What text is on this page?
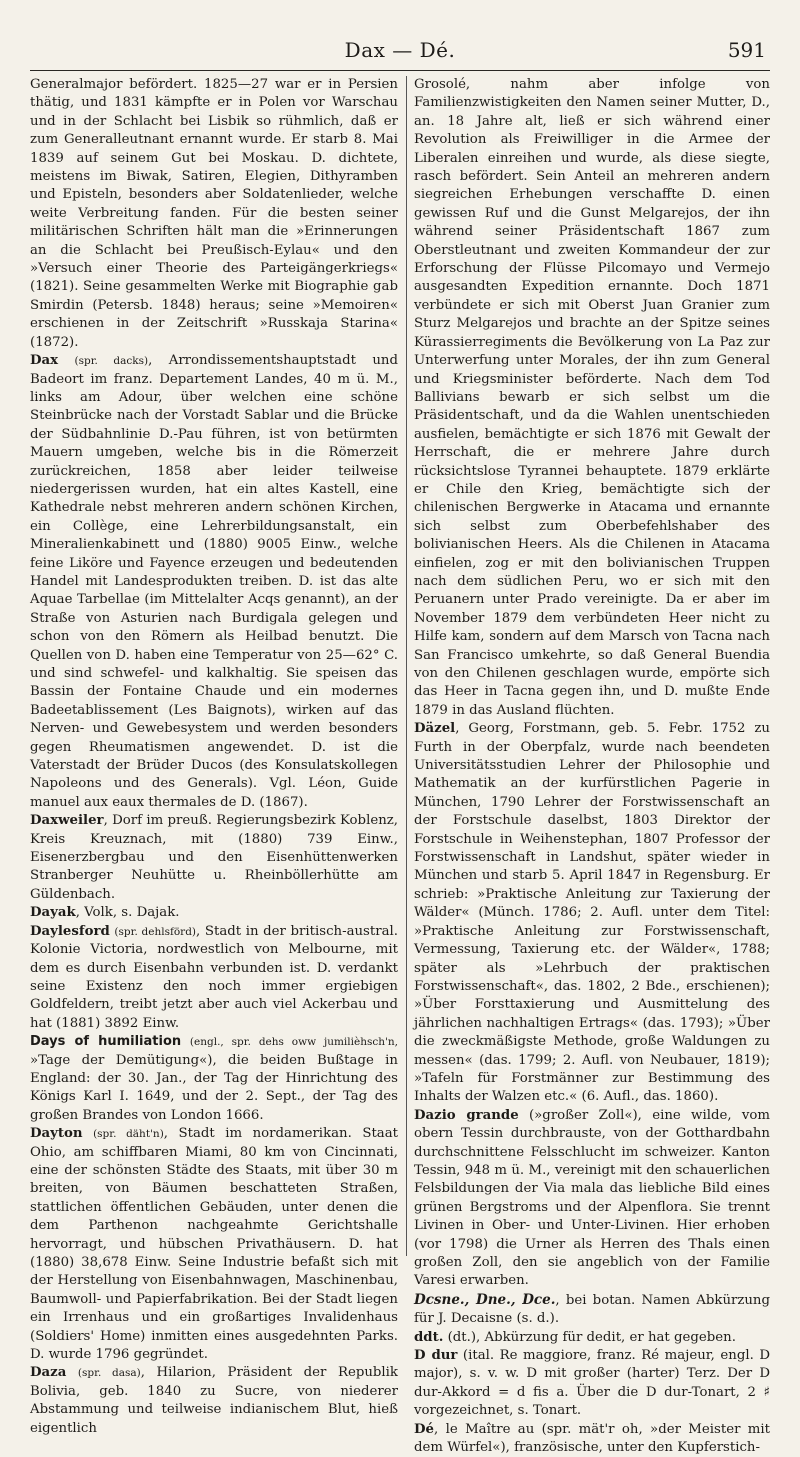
Dax — Dé.	591

Generalmajor befördert. 1825—27 war er in Persien thätig, und 1831 kämpfte er in Polen vor Warschau und in der Schlacht bei Lisbik so rühmlich, daß er zum Generalleutnant ernannt wurde. Er starb 8. Mai 1839 auf seinem Gut bei Moskau. D. dichtete, meistens im Biwak, Satiren, Elegien, Dithyramben und Episteln, besonders aber Soldatenlieder, welche weite Verbreitung fanden. Für die besten seiner militärischen Schriften hält man die »Erinnerungen an die Schlacht bei Preußisch-Eylau« und den »Versuch einer Theorie des Parteigängerkriegs« (1821). Seine gesammelten Werke mit Biographie gab Smirdin (Petersb. 1848) heraus; seine »Memoiren« erschienen in der Zeitschrift »Russkaja Starina« (1872).

Dax (spr. dacks), Arrondissementshauptstadt und Badeort im franz. Departement Landes, 40 m ü. M., links am Adour, über welchen eine schöne Steinbrücke nach der Vorstadt Sablar und die Brücke der Südbahnlinie D.-Pau führen, ist von betürmten Mauern umgeben, welche bis in die Römerzeit zurückreichen, 1858 aber leider teilweise niedergerissen wurden, hat ein altes Kastell, eine Kathedrale nebst mehreren andern schönen Kirchen, ein Collège, eine Lehrerbildungsanstalt, ein Mineralienkabinett und (1880) 9005 Einw., welche feine Liköre und Fayence erzeugen und bedeutenden Handel mit Landesprodukten treiben. D. ist das alte Aquae Tarbellae (im Mittelalter Acqs genannt), an der Straße von Asturien nach Burdigala gelegen und schon von den Römern als Heilbad benutzt. Die Quellen von D. haben eine Temperatur von 25—62° C. und sind schwefel- und kalkhaltig. Sie speisen das Bassin der Fontaine Chaude und ein modernes Badeetablissement (Les Baignots), wirken auf das Nerven- und Gewebesystem und werden besonders gegen Rheumatismen angewendet. D. ist die Vaterstadt der Brüder Ducos (des Konsulatskollegen Napoleons und des Generals). Vgl. Léon, Guide manuel aux eaux thermales de D. (1867).

Daxweiler, Dorf im preuß. Regierungsbezirk Koblenz, Kreis Kreuznach, mit (1880) 739 Einw., Eisenerzbergbau und den Eisenhüttenwerken Stranberger Neuhütte u. Rheinböllerhütte am Güldenbach.

Dayak, Volk, s. Dajak.

Daylesford (spr. dehlsförd), Stadt in der britisch-austral. Kolonie Victoria, nordwestlich von Melbourne, mit dem es durch Eisenbahn verbunden ist. D. verdankt seine Existenz den noch immer ergiebigen Goldfeldern, treibt jetzt aber auch viel Ackerbau und hat (1881) 3892 Einw.

Days of humiliation (engl., spr. dehs oww jumilièhsch'n, »Tage der Demütigung«), die beiden Bußtage in England: der 30. Jan., der Tag der Hinrichtung des Königs Karl I. 1649, und der 2. Sept., der Tag des großen Brandes von London 1666.

Dayton (spr. däht'n), Stadt im nordamerikan. Staat Ohio, am schiffbaren Miami, 80 km von Cincinnati, eine der schönsten Städte des Staats, mit über 30 m breiten, von Bäumen beschatteten Straßen, stattlichen öffentlichen Gebäuden, unter denen die dem Parthenon nachgeahmte Gerichtshalle hervorragt, und hübschen Privathäusern. D. hat (1880) 38,678 Einw. Seine Industrie befaßt sich mit der Herstellung von Eisenbahnwagen, Maschinenbau, Baumwoll- und Papierfabrikation. Bei der Stadt liegen ein Irrenhaus und ein großartiges Invalidenhaus (Soldiers' Home) inmitten eines ausgedehnten Parks. D. wurde 1796 gegründet.

Daza (spr. dasa), Hilarion, Präsident der Republik Bolivia, geb. 1840 zu Sucre, von niederer Abstammung und teilweise indianischem Blut, hieß eigentlich

Grosolé, nahm aber infolge von Familienzwistigkeiten den Namen seiner Mutter, D., an. 18 Jahre alt, ließ er sich während einer Revolution als Freiwilliger in die Armee der Liberalen einreihen und wurde, als diese siegte, rasch befördert. Sein Anteil an mehreren andern siegreichen Erhebungen verschaffte D. einen gewissen Ruf und die Gunst Melgarejos, der ihn während seiner Präsidentschaft 1867 zum Oberstleutnant und zweiten Kommandeur der zur Erforschung der Flüsse Pilcomayo und Vermejo ausgesandten Expedition ernannte. Doch 1871 verbündete er sich mit Oberst Juan Granier zum Sturz Melgarejos und brachte an der Spitze seines Kürassierregiments die Bevölkerung von La Paz zur Unterwerfung unter Morales, der ihn zum General und Kriegsminister beförderte. Nach dem Tod Ballivians bewarb er sich selbst um die Präsidentschaft, und da die Wahlen unentschieden ausfielen, bemächtigte er sich 1876 mit Gewalt der Herrschaft, die er mehrere Jahre durch rücksichtslose Tyrannei behauptete. 1879 erklärte er Chile den Krieg, bemächtigte sich der chilenischen Bergwerke in Atacama und ernannte sich selbst zum Oberbefehlshaber des bolivianischen Heers. Als die Chilenen in Atacama einfielen, zog er mit den bolivianischen Truppen nach dem südlichen Peru, wo er sich mit den Peruanern unter Prado vereinigte. Da er aber im November 1879 dem verbündeten Heer nicht zu Hilfe kam, sondern auf dem Marsch von Tacna nach San Francisco umkehrte, so daß General Buendia von den Chilenen geschlagen wurde, empörte sich das Heer in Tacna gegen ihn, und D. mußte Ende 1879 in das Ausland flüchten.

Däzel, Georg, Forstmann, geb. 5. Febr. 1752 zu Furth in der Oberpfalz, wurde nach beendeten Universitätsstudien Lehrer der Philosophie und Mathematik an der kurfürstlichen Pagerie in München, 1790 Lehrer der Forstwissenschaft an der Forstschule daselbst, 1803 Direktor der Forstschule in Weihenstephan, 1807 Professor der Forstwissenschaft in Landshut, später wieder in München und starb 5. April 1847 in Regensburg. Er schrieb: »Praktische Anleitung zur Taxierung der Wälder« (Münch. 1786; 2. Aufl. unter dem Titel: »Praktische Anleitung zur Forstwissenschaft, Vermessung, Taxierung etc. der Wälder«, 1788; später als »Lehrbuch der praktischen Forstwissenschaft«, das. 1802, 2 Bde., erschienen); »Über Forsttaxierung und Ausmittelung des jährlichen nachhaltigen Ertrags« (das. 1793); »Über die zweckmäßigste Methode, große Waldungen zu messen« (das. 1799; 2. Aufl. von Neubauer, 1819); »Tafeln für Forstmänner zur Bestimmung des Inhalts der Walzen etc.« (6. Aufl., das. 1860).

Dazio grande (»großer Zoll«), eine wilde, vom obern Tessin durchbrauste, von der Gotthardbahn durchschnittene Felsschlucht im schweizer. Kanton Tessin, 948 m ü. M., vereinigt mit den schauerlichen Felsbildungen der Via mala das liebliche Bild eines grünen Bergstroms und der Alpenflora. Sie trennt Livinen in Ober- und Unter-Livinen. Hier erhoben (vor 1798) die Urner als Herren des Thals einen großen Zoll, den sie angeblich von der Familie Varesi erwarben.

Dcsne., Dne., Dce., bei botan. Namen Abkürzung für J. Decaisne (s. d.).

ddt. (dt.), Abkürzung für dedit, er hat gegeben.

D dur (ital. Re maggiore, franz. Ré majeur, engl. D major), s. v. w. D mit großer (harter) Terz. Der D dur-Akkord = d fis a. Über die D dur-Tonart, 2 ♯ vorgezeichnet, s. Tonart.

Dé, le Maître au (spr. mät'r oh, »der Meister mit dem Würfel«), französische, unter den Kupferstich-
